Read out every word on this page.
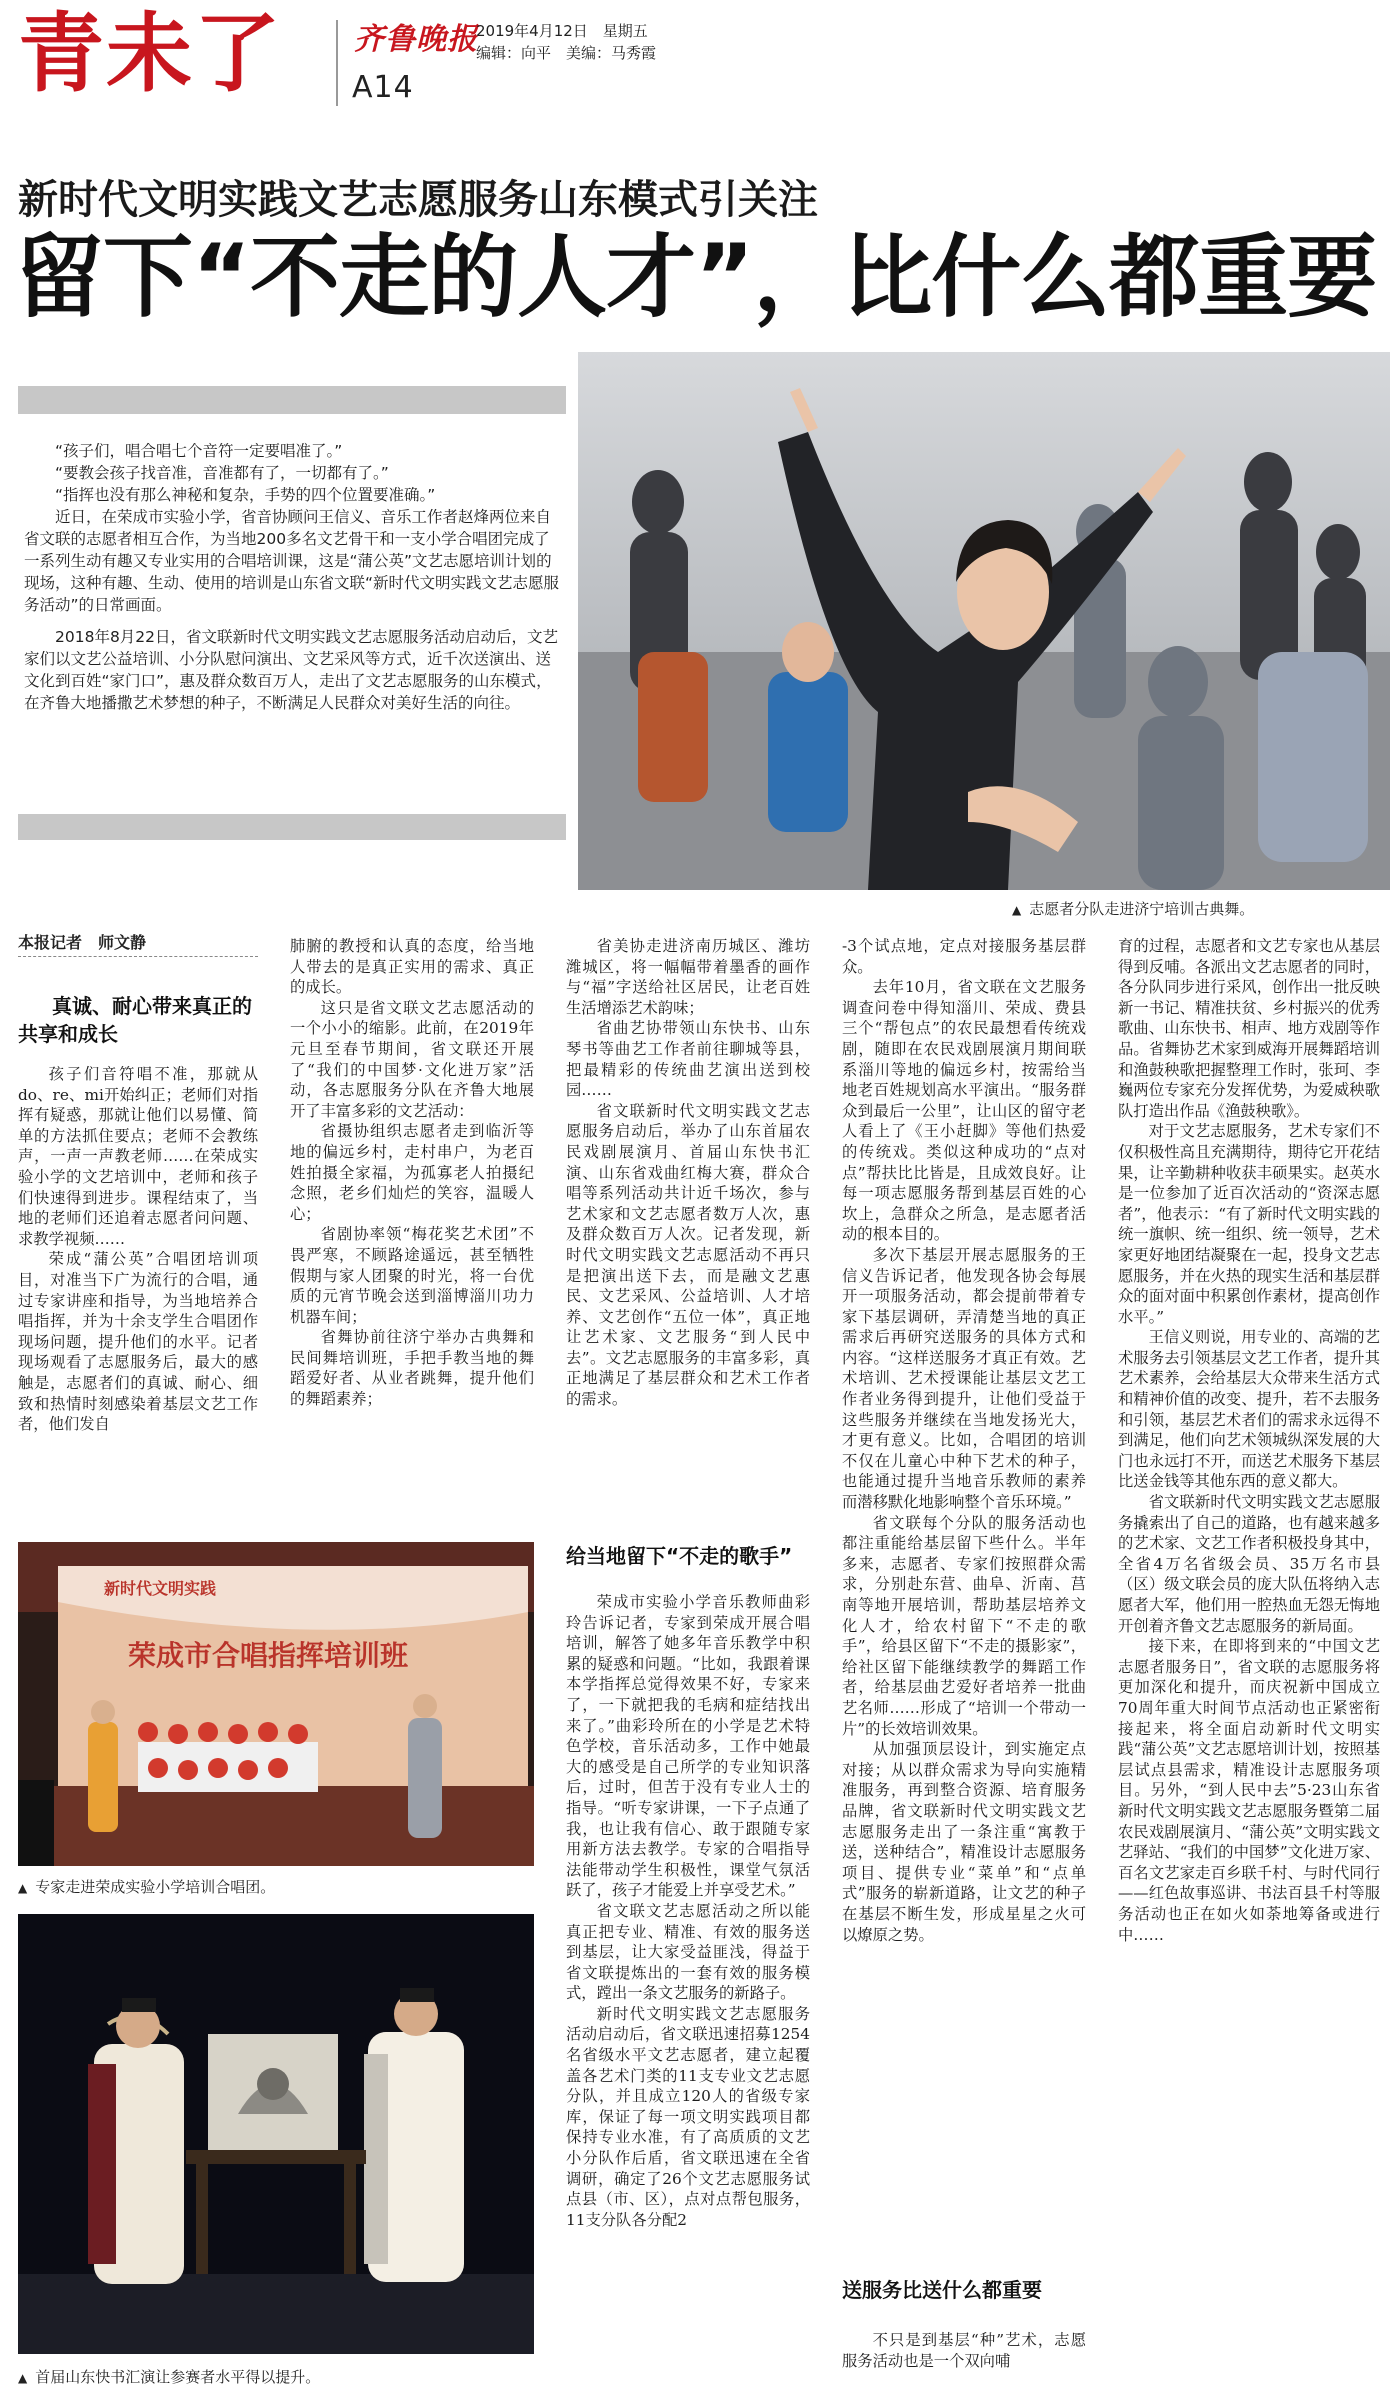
青未了 齐鲁晚报
2019年4月12日　星期五
编辑：向平　美编：马秀霞
A14
新时代文明实践文艺志愿服务山东模式引关注
留下“不走的人才”，比什么都重要

“孩子们，唱合唱七个音符一定要唱准了。”

“要教会孩子找音准，音准都有了，一切都有了。”

“指挥也没有那么神秘和复杂，手势的四个位置要准确。”

近日，在荣成市实验小学，省音协顾问王信义、音乐工作者赵烽两位来自省文联的志愿者相互合作，为当地200多名文艺骨干和一支小学合唱团完成了一系列生动有趣又专业实用的合唱培训课，这是“蒲公英”文艺志愿培训计划的现场，这种有趣、生动、使用的培训是山东省文联“新时代文明实践文艺志愿服务活动”的日常画面。

2018年8月22日，省文联新时代文明实践文艺志愿服务活动启动后，文艺家们以文艺公益培训、小分队慰问演出、文艺采风等方式，近千次送演出、送文化到百姓“家门口”，惠及群众数百万人，走出了文艺志愿服务的山东模式，在齐鲁大地播撒艺术梦想的种子，不断满足人民群众对美好生活的向往。

▲ 志愿者分队走进济宁培训古典舞。
本报记者　师文静
真诚、耐心带来真正的共享和成长

孩子们音符唱不准，那就从do、re、mi开始纠正；老师们对指挥有疑惑，那就让他们以易懂、简单的方法抓住要点；老师不会教练声，一声一声教老师……在荣成实验小学的文艺培训中，老师和孩子们快速得到进步。课程结束了，当地的老师们还追着志愿者问问题、求教学视频……

荣成“蒲公英”合唱团培训项目，对准当下广为流行的合唱，通过专家讲座和指导，为当地培养合唱指挥，并为十余支学生合唱团作现场问题，提升他们的水平。记者现场观看了志愿服务后，最大的感触是，志愿者们的真诚、耐心、细致和热情时刻感染着基层文艺工作者，他们发自

肺腑的教授和认真的态度，给当地人带去的是真正实用的需求、真正的成长。

这只是省文联文艺志愿活动的一个小小的缩影。此前，在2019年元旦至春节期间，省文联还开展了“我们的中国梦·文化进万家”活动，各志愿服务分队在齐鲁大地展开了丰富多彩的文艺活动：

省摄协组织志愿者走到临沂等地的偏远乡村，走村串户，为老百姓拍摄全家福，为孤寡老人拍摄纪念照，老乡们灿烂的笑容，温暖人心；

省剧协率领“梅花奖艺术团”不畏严寒，不顾路途遥远，甚至牺牲假期与家人团聚的时光，将一台优质的元宵节晚会送到淄博淄川功力机器车间；

省舞协前往济宁举办古典舞和民间舞培训班，手把手教当地的舞蹈爱好者、从业者跳舞，提升他们的舞蹈素养；

新时代文明实践
荣成市合唱指挥培训班
▲ 专家走进荣成实验小学培训合唱团。
▲ 首届山东快书汇演让参赛者水平得以提升。

省美协走进济南历城区、潍坊潍城区，将一幅幅带着墨香的画作与“福”字送给社区居民，让老百姓生活增添艺术韵味；

省曲艺协带领山东快书、山东琴书等曲艺工作者前往聊城等县，把最精彩的传统曲艺演出送到校园……

省文联新时代文明实践文艺志愿服务启动后，举办了山东首届农民戏剧展演月、首届山东快书汇演、山东省戏曲红梅大赛，群众合唱等系列活动共计近千场次，参与艺术家和文艺志愿者数万人次，惠及群众数百万人次。记者发现，新时代文明实践文艺志愿活动不再只是把演出送下去，而是融文艺惠民、文艺采风、公益培训、人才培养、文艺创作“五位一体”，真正地让艺术家、文艺服务“到人民中去”。文艺志愿服务的丰富多彩，真正地满足了基层群众和艺术工作者的需求。

给当地留下“不走的歌手”

荣成市实验小学音乐教师曲彩玲告诉记者，专家到荣成开展合唱培训，解答了她多年音乐教学中积累的疑惑和问题。“比如，我跟着课本学指挥总觉得效果不好，专家来了，一下就把我的毛病和症结找出来了。”曲彩玲所在的小学是艺术特色学校，音乐活动多，工作中她最大的感受是自己所学的专业知识落后，过时，但苦于没有专业人士的指导。“听专家讲课，一下子点通了我，也让我有信心、敢于跟随专家用新方法去教学。专家的合唱指导法能带动学生积极性，课堂气氛活跃了，孩子才能爱上并享受艺术。”

省文联文艺志愿活动之所以能真正把专业、精准、有效的服务送到基层，让大家受益匪浅，得益于省文联提炼出的一套有效的服务模式，蹚出一条文艺服务的新路子。

新时代文明实践文艺志愿服务活动启动后，省文联迅速招募1254名省级水平文艺志愿者，建立起覆盖各艺术门类的11支专业文艺志愿分队，并且成立120人的省级专家库，保证了每一项文明实践项目都保持专业水准，有了高质质的文艺小分队作后盾，省文联迅速在全省调研，确定了26个文艺志愿服务试点县（市、区），点对点帮包服务，11支分队各分配2

-3个试点地，定点对接服务基层群众。

去年10月，省文联在文艺服务调查问卷中得知淄川、荣成、费县三个“帮包点”的农民最想看传统戏剧，随即在农民戏剧展演月期间联系淄川等地的偏远乡村，按需给当地老百姓规划高水平演出。“服务群众到最后一公里”，让山区的留守老人看上了《王小赶脚》等他们热爱的传统戏。类似这种成功的“点对点”帮扶比比皆是，且成效良好。让每一项志愿服务帮到基层百姓的心坎上，急群众之所急，是志愿者活动的根本目的。

多次下基层开展志愿服务的王信义告诉记者，他发现各协会每展开一项服务活动，都会提前带着专家下基层调研，弄清楚当地的真正需求后再研究送服务的具体方式和内容。“这样送服务才真正有效。艺术培训、艺术授课能让基层文艺工作者业务得到提升，让他们受益于这些服务并继续在当地发扬光大，才更有意义。比如，合唱团的培训不仅在儿童心中种下艺术的种子，也能通过提升当地音乐教师的素养而潜移默化地影响整个音乐环境。”

省文联每个分队的服务活动也都注重能给基层留下些什么。半年多来，志愿者、专家们按照群众需求，分别赴东营、曲阜、沂南、莒南等地开展培训，帮助基层培养文化人才，给农村留下“不走的歌手”，给县区留下“不走的摄影家”，给社区留下能继续教学的舞蹈工作者，给基层曲艺爱好者培养一批曲艺名师……形成了“培训一个带动一片”的长效培训效果。

从加强顶层设计，到实施定点对接；从以群众需求为导向实施精准服务，再到整合资源、培育服务品牌，省文联新时代文明实践文艺志愿服务走出了一条注重“寓教于送，送种结合”，精准设计志愿服务项目、提供专业“菜单”和“点单式”服务的崭新道路，让文艺的种子在基层不断生发，形成星星之火可以燎原之势。

送服务比送什么都重要

不只是到基层“种”艺术，志愿服务活动也是一个双向哺

育的过程，志愿者和文艺专家也从基层得到反哺。各派出文艺志愿者的同时，各分队同步进行采风，创作出一批反映新一书记、精准扶贫、乡村振兴的优秀歌曲、山东快书、相声、地方戏剧等作品。省舞协艺术家到威海开展舞蹈培训和渔鼓秧歌把握整理工作时，张珂、李巍两位专家充分发挥优势，为爱威秧歌队打造出作品《渔鼓秧歌》。

对于文艺志愿服务，艺术专家们不仅积极性高且充满期待，期待它开花结果，让辛勤耕种收获丰硕果实。赵英水是一位参加了近百次活动的“资深志愿者”，他表示：“有了新时代文明实践的统一旗帜、统一组织、统一领导，艺术家更好地团结凝聚在一起，投身文艺志愿服务，并在火热的现实生活和基层群众的面对面中积累创作素材，提高创作水平。”

王信义则说，用专业的、高端的艺术服务去引领基层文艺工作者，提升其艺术素养，会给基层大众带来生活方式和精神价值的改变、提升，若不去服务和引领，基层艺术者们的需求永远得不到满足，他们向艺术领城纵深发展的大门也永远打不开，而送艺术服务下基层比送金钱等其他东西的意义都大。

省文联新时代文明实践文艺志愿服务撬索出了自己的道路，也有越来越多的艺术家、文艺工作者积极投身其中，全省4万名省级会员、35万名市县（区）级文联会员的庞大队伍将纳入志愿者大军，他们用一腔热血无怨无悔地开创着齐鲁文艺志愿服务的新局面。

接下来，在即将到来的“中国文艺志愿者服务日”，省文联的志愿服务将更加深化和提升，而庆祝新中国成立70周年重大时间节点活动也正紧密衔接起来，将全面启动新时代文明实践“蒲公英”文艺志愿培训计划，按照基层试点县需求，精准设计志愿服务项目。另外，“到人民中去”5·23山东省新时代文明实践文艺志愿服务暨第二届农民戏剧展演月、“蒲公英”文明实践文艺驿站、“我们的中国梦”文化进万家、百名文艺家走百乡联千村、与时代同行——红色故事巡讲、书法百县千村等服务活动也正在如火如荼地筹备或进行中……
